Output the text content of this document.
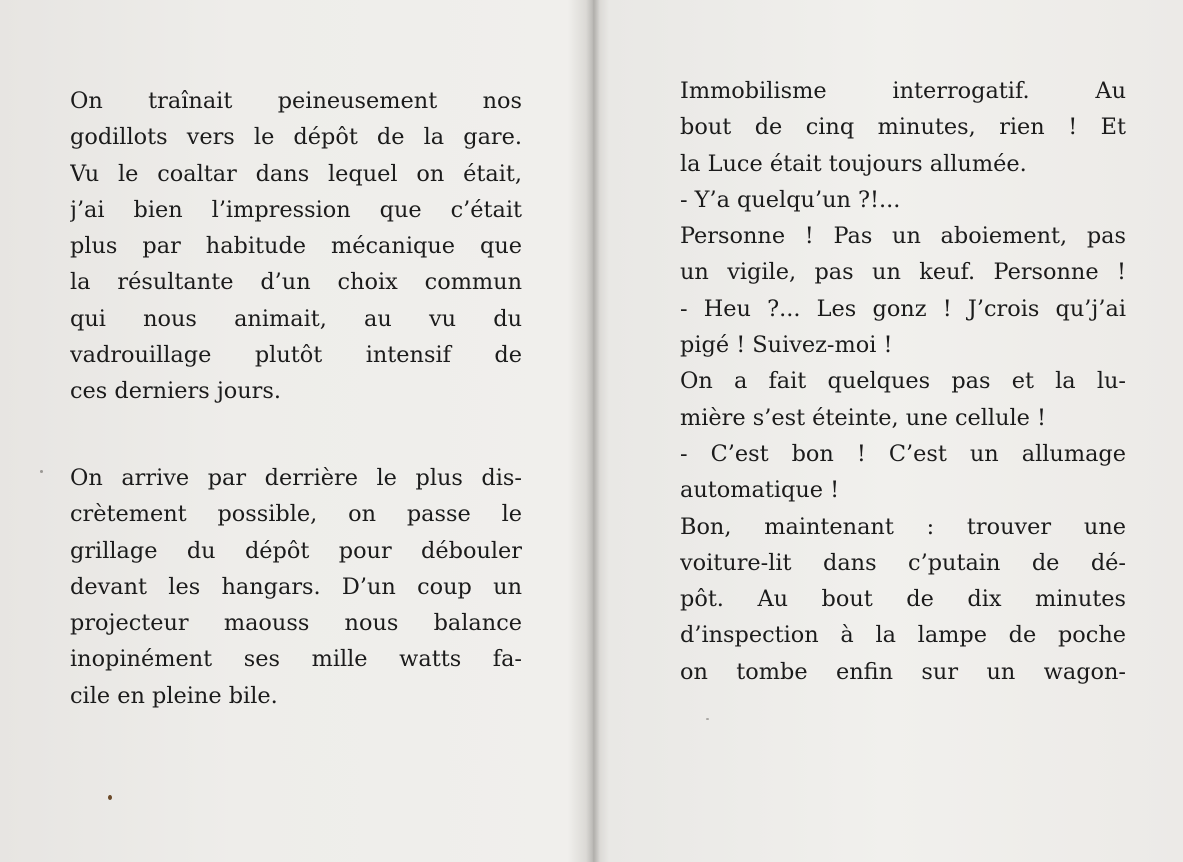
On traînait peineusement nos
godillots vers le dépôt de la gare.
Vu le coaltar dans lequel on était,
j’ai bien l’impression que c’était
plus par habitude mécanique que
la résultante d’un choix commun
qui nous animait, au vu du
vadrouillage plutôt intensif de
ces derniers jours.
On arrive par derrière le plus dis-
crètement possible, on passe le
grillage du dépôt pour débouler
devant les hangars. D’un coup un
projecteur maouss nous balance
inopinément ses mille watts fa-
cile en pleine bile.
Immobilisme interrogatif. Au
bout de cinq minutes, rien ! Et
la Luce était toujours allumée.
- Y’a quelqu’un ?!...
Personne ! Pas un aboiement, pas
un vigile, pas un keuf. Personne !
- Heu ?... Les gonz ! J’crois qu’j’ai
pigé ! Suivez-moi !
On a fait quelques pas et la lu-
mière s’est éteinte, une cellule !
- C’est bon ! C’est un allumage
automatique !
Bon, maintenant : trouver une
voiture-lit dans c’putain de dé-
pôt. Au bout de dix minutes
d’inspection à la lampe de poche
on tombe enfin sur un wagon-
